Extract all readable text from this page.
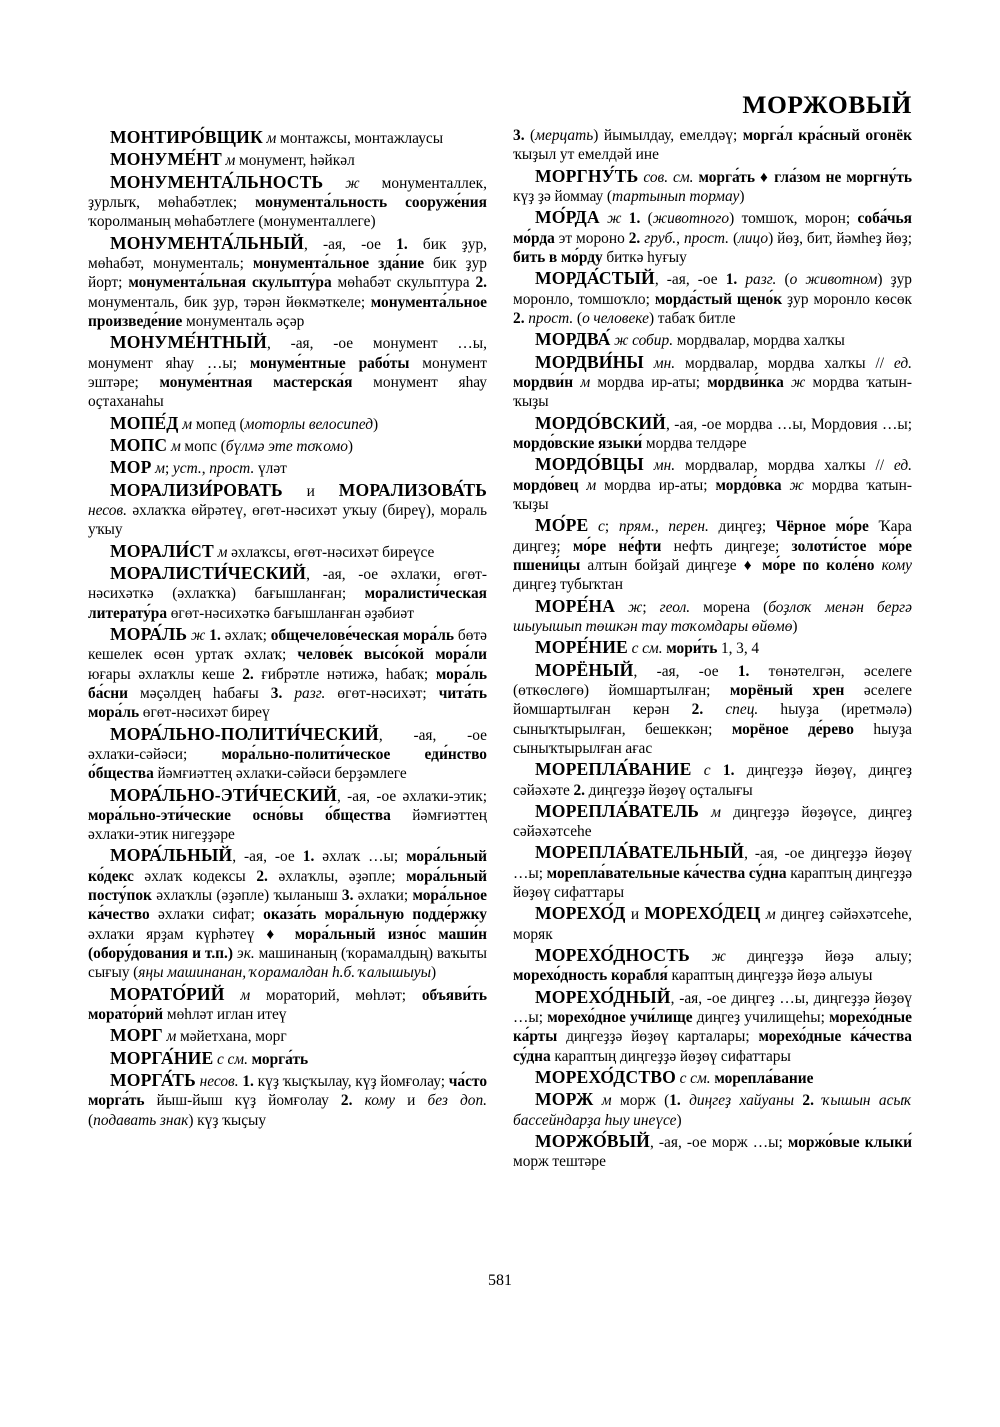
МОРЖОВЫЙ

МОНТИРО́ВЩИК м монтажсы, монтажлаусы

МОНУМЕ́НТ м монумент, һәйкәл

МОНУМЕНТА́ЛЬНОСТЬ ж монументаллек, ҙурлыҡ, мөһабәтлек; монумента́льность сооруже́ния ҡоролманың мөһабәтлеге (монументаллеге)

МОНУМЕНТА́ЛЬНЫЙ, -ая, -ое 1. бик ҙур, мөһабәт, монументаль; монумента́льное зда́ние бик ҙур йорт; монумента́льная скульпту́ра мөһабәт скульптура 2. монументаль, бик ҙур, тәрән йөкмәткеле; монумента́льное произведе́ние монументаль әҫәр

МОНУМЕ́НТНЫЙ, -ая, -ое монумент …ы, монумент яһау …ы; монуме́нтные рабо́ты монумент эштәре; монуме́нтная мастерска́я монумент яһау оҫтаханаһы

МОПЕ́Д м мопед (моторлы велосипед)

МОПС м мопс (бүлмә эте тоҡомо)

МОР м; уст., прост. үләт

МОРАЛИЗИ́РОВАТЬ и МОРАЛИЗОВА́ТЬ несов. әхлаҡҡа өйрәтеү, өгөт-нәсихәт уҡыу (биреү), мораль уҡыу

МОРАЛИ́СТ м әхлаҡсы, өгөт-нәсихәт биреүсе

МОРАЛИСТИ́ЧЕСКИЙ, -ая, -ое әхлаҡи, өгөт-нәсихәткә (әхлаҡҡа) бағышланған; моралисти́ческая литерату́ра өгөт-нәсихәткә бағышланған әҙәбиәт

МОРА́ЛЬ ж 1. әхлаҡ; общечелове́ческая мора́ль бөтә кешелек өсөн уртаҡ әхлаҡ; челове́к высо́кой мора́ли юғары әхлаҡлы кеше 2. ғибрәтле нәтижә, һабаҡ; мора́ль ба́сни мәҫәлдең һабағы 3. разг. өгөт-нәсихәт; чита́ть мора́ль өгөт-нәсихәт биреү

МОРА́ЛЬНО-ПОЛИТИ́ЧЕСКИЙ, -ая, -ое әхлаҡи-сәйәси; мора́льно-полити́ческое еди́нство о́бщества йәмғиәттең әхлаҡи-сәйәси берҙәмлеге

МОРА́ЛЬНО-ЭТИ́ЧЕСКИЙ, -ая, -ое әхлаҡи-этик; мора́льно-эти́ческие осно́вы о́бщества йәмғиәттең әхлаҡи-этик нигеҙҙәре

МОРА́ЛЬНЫЙ, -ая, -ое 1. әхлаҡ …ы; мора́льный ко́декс әхлаҡ кодексы 2. әхлаҡлы, әҙәпле; мора́льный посту́пок әхлаҡлы (әҙәпле) ҡыланыш 3. әхлаҡи; мора́льное ка́чество әхлаҡи сифат; оказа́ть мора́льную подде́ржку әхлаҡи ярҙам күрһәтеү ♦ мора́льный изно́с маши́н (обору́дования и т.п.) эк. машинаның (ҡорамалдың) ваҡыты сығыу (яңы машинанан, ҡорамалдан һ.б. ҡалышыуы)

МОРАТО́РИЙ м мораторий, мөһләт; объяви́ть морато́рий мөһләт иглан итеү

МОРГ м мәйетхана, морг

МОРГА́НИЕ с см. морга́ть

МОРГА́ТЬ несов. 1. күҙ ҡыҫҡылау, күҙ йомғолау; ча́сто морга́ть йыш-йыш күҙ йомғолау 2. кому и без доп. (подавать знак) күҙ ҡыҫыу

3. (мерцать) йымылдау, емелдәү; морга́л кра́сный огонёк ҡыҙыл ут емелдәй ине

МОРГНУ́ТЬ сов. см. морга́ть ♦ гла́зом не моргну́ть күҙ ҙә йоммау (тартынып тормау)

МО́РДА ж 1. (животного) томшоҡ, морон; соба́чья мо́рда эт мороно 2. груб., прост. (лицо) йөҙ, бит, йәмһеҙ йөҙ; бить в мо́рду биткә һуғыу

МОРДА́СТЫЙ, -ая, -ое 1. разг. (о животном) ҙур моронло, томшоҡло; морда́стый щено́к ҙур моронло көсөк 2. прост. (о человеке) табаҡ битле

МОРДВА́ ж собир. мордвалар, мордва халҡы

МОРДВИ́НЫ мн. мордвалар, мордва халҡы // ед. мордви́н м мордва ир-аты; мордви́нка ж мордва ҡатын-ҡыҙы

МОРДО́ВСКИЙ, -ая, -ое мордва …ы, Мордовия …ы; мордо́вские языки́ мордва телдәре

МОРДО́ВЦЫ мн. мордвалар, мордва халҡы // ед. мордо́вец м мордва ир-аты; мордо́вка ж мордва ҡатын-ҡыҙы

МО́РЕ с; прям., перен. диңгеҙ; Чёрное мо́ре Ҡара диңгеҙ; мо́ре не́фти нефть диңгеҙе; золоти́стое мо́ре пшени́цы алтын бойҙай диңгеҙе ♦ мо́ре по коле́но кому диңгеҙ тубыҡтан

МОРЕ́НА ж; геол. морена (боҙлоҡ менән бергә шыуышып төшкән тау тоҡомдары өйөмө)

МОРЕ́НИЕ с см. мори́ть 1, 3, 4

МОРЁНЫЙ, -ая, -ое 1. төнәтелгән, әселеге (өткөслөгө) йомшартылған; морёный хрен әселеге йомшартылған керән 2. спец. һыуҙа (иретмәлә) сыныҡтырылған, бешеккән; морёное де́рево һыуҙа сыныҡтырылған ағас

МОРЕПЛА́ВАНИЕ с 1. диңгеҙҙә йөҙөү, диңгеҙ сәйәхәте 2. диңгеҙҙә йөҙөү оҫталығы

МОРЕПЛА́ВАТЕЛЬ м диңгеҙҙә йөҙөүсе, диңгеҙ сәйәхәтсеһе

МОРЕПЛА́ВАТЕЛЬНЫЙ, -ая, -ое диңгеҙҙә йөҙөү …ы; морепла́вательные ка́чества су́дна караптың диңгеҙҙә йөҙөү сифаттары

МОРЕХО́Д и МОРЕХО́ДЕЦ м диңгеҙ сәйәхәтсеһе, моряк

МОРЕХО́ДНОСТЬ ж диңгеҙҙә йөҙә алыу; морехо́дность корабля́ караптың диңгеҙҙә йөҙә алыуы

МОРЕХО́ДНЫЙ, -ая, -ое диңгеҙ …ы, диңгеҙҙә йөҙөү …ы; морехо́дное учи́лище диңгеҙ училищеһы; морехо́дные ка́рты диңгеҙҙә йөҙөү карталары; морехо́дные ка́чества су́дна караптың диңгеҙҙә йөҙөү сифаттары

МОРЕХО́ДСТВО с см. морепла́вание

МОРЖ м морж (1. диңгеҙ хайуаны 2. ҡышын асыҡ бассейндарҙа һыу инеүсе)

МОРЖО́ВЫЙ, -ая, -ое морж …ы; моржо́вые клыки́ морж тештәре

581
